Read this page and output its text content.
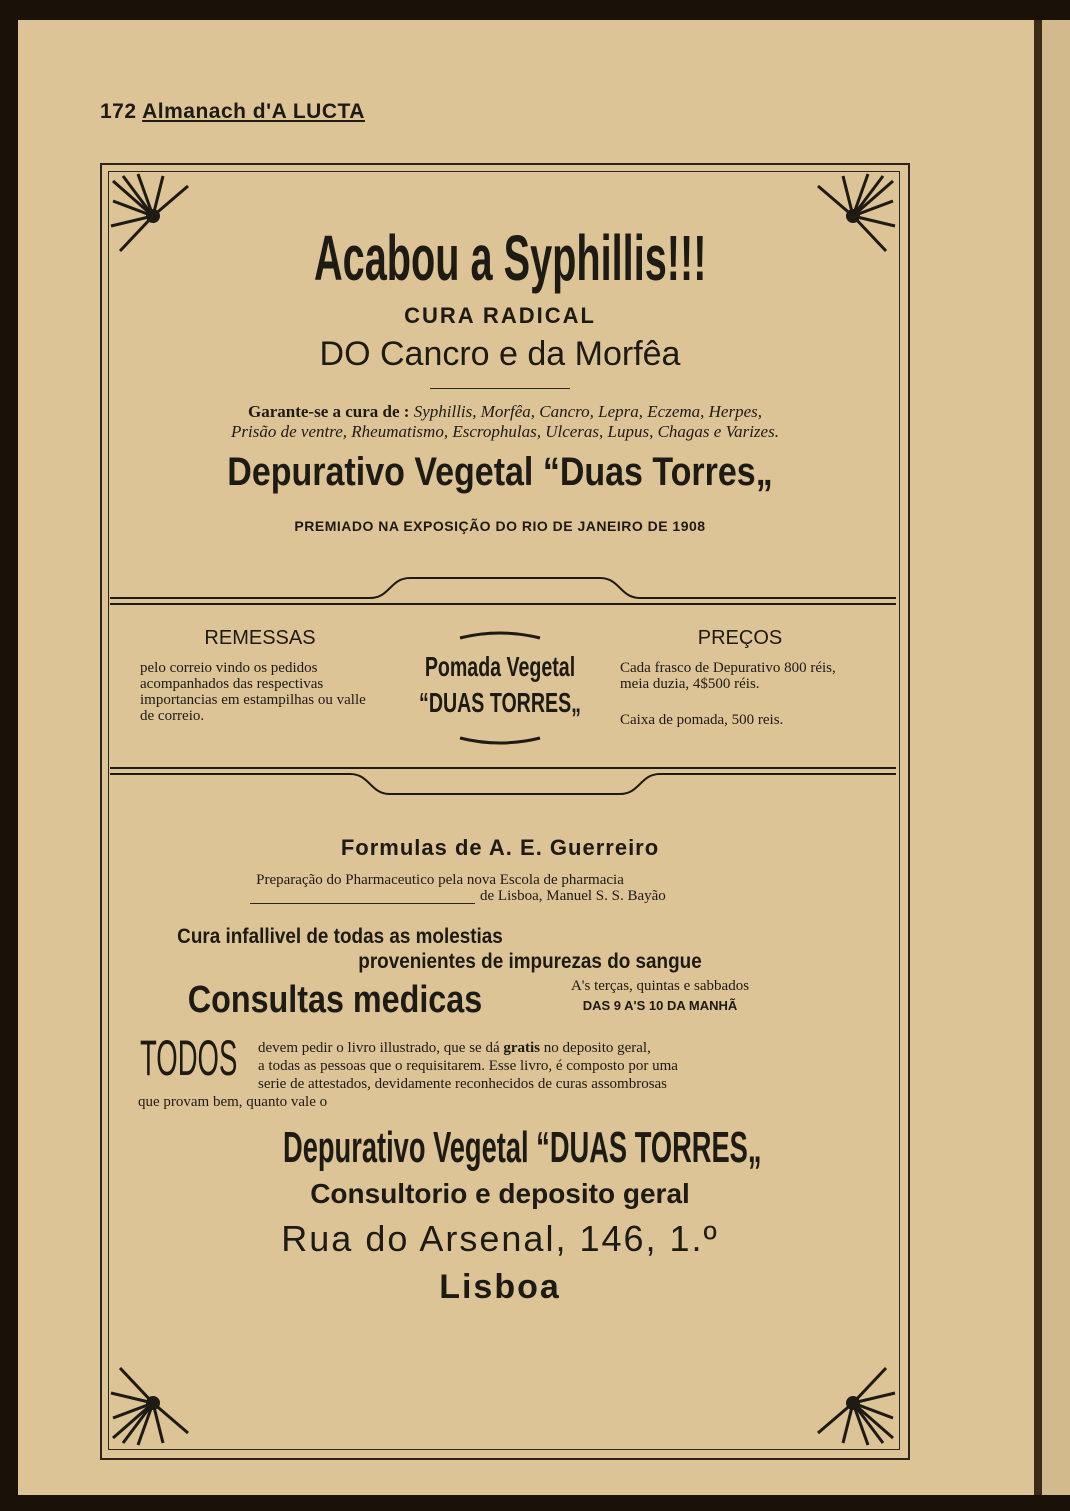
172 Almanach d'A LUCTA
Acabou a Syphillis!!!
CURA RADICAL
DO Cancro e da Morfêa
Garante-se a cura de : Syphillis, Morfêa, Cancro, Lepra, Eczema, Herpes,
Prisão de ventre, Rheumatismo, Escrophulas, Ulceras, Lupus, Chagas e Varizes.
Depurativo Vegetal “Duas Torres„
PREMIADO NA EXPOSIÇÃO DO RIO DE JANEIRO DE 1908
REMESSAS
pelo correio vindo os pedidos acompanhados das respectivas importancias em estampilhas ou valle de correio.
Pomada Vegetal
“DUAS TORRES„
PREÇOS
Cada frasco de Depurativo 800 réis, meia duzia, 4$500 réis.
Caixa de pomada, 500 reis.
Formulas de A. E. Guerreiro
Preparação do Pharmaceutico pela nova Escola de pharmacia
de Lisboa, Manuel S. S. Bayão
Cura infallivel de todas as molestias
provenientes de impurezas do sangue
Consultas medicas	A's terças, quintas e sabbados
DAS 9 A'S 10 DA MANHÃ
TODOS devem pedir o livro illustrado, que se dá gratis no deposito geral,
a todas as pessoas que o requisitarem. Esse livro, é composto por uma
serie de attestados, devidamente reconhecidos de curas assombrosas
que provam bem, quanto vale o
Depurativo Vegetal “DUAS TORRES„
Consultorio e deposito geral
Rua do Arsenal, 146, 1.º
Lisboa
